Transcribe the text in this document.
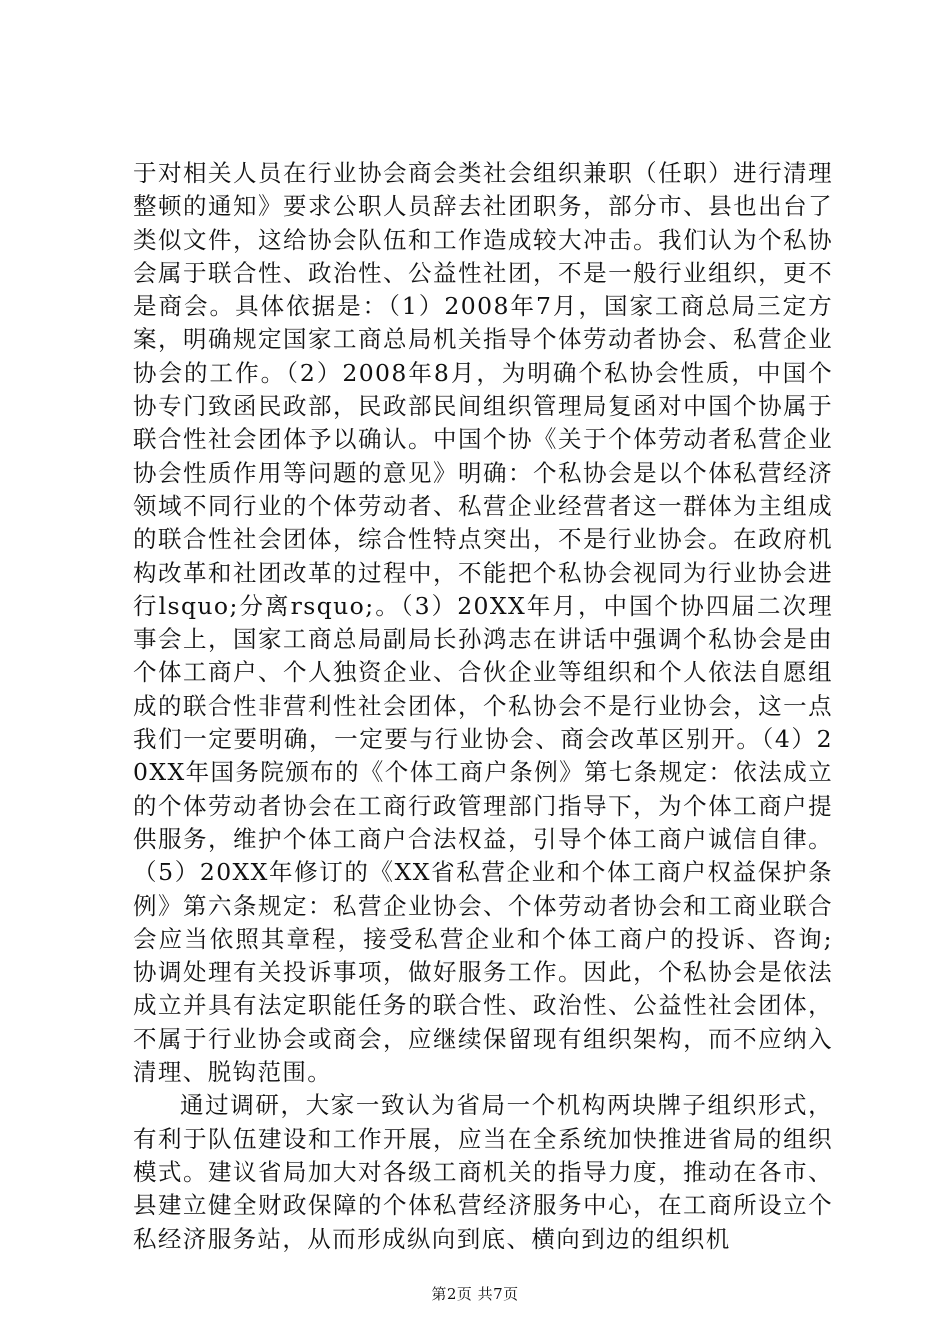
于对相关人员在行业协会商会类社会组织兼职（任职）进行清理整顿的通知》要求公职人员辞去社团职务，部分市、县也出台了类似文件，这给协会队伍和工作造成较大冲击。我们认为个私协会属于联合性、政治性、公益性社团，不是一般行业组织，更不是商会。具体依据是：（1）2008年7月，国家工商总局三定方案，明确规定国家工商总局机关指导个体劳动者协会、私营企业协会的工作。（2）2008年8月，为明确个私协会性质，中国个协专门致函民政部，民政部民间组织管理局复函对中国个协属于联合性社会团体予以确认。中国个协《关于个体劳动者私营企业协会性质作用等问题的意见》明确：个私协会是以个体私营经济领域不同行业的个体劳动者、私营企业经营者这一群体为主组成的联合性社会团体，综合性特点突出，不是行业协会。在政府机构改革和社团改革的过程中，不能把个私协会视同为行业协会进行lsquo;分离rsquo;。（3）20XX年月，中国个协四届二次理事会上，国家工商总局副局长孙鸿志在讲话中强调个私协会是由个体工商户、个人独资企业、合伙企业等组织和个人依法自愿组成的联合性非营利性社会团体，个私协会不是行业协会，这一点我们一定要明确，一定要与行业协会、商会改革区别开。（4）20XX年国务院颁布的《个体工商户条例》第七条规定：依法成立的个体劳动者协会在工商行政管理部门指导下，为个体工商户提供服务，维护个体工商户合法权益，引导个体工商户诚信自律。（5）20XX年修订的《XX省私营企业和个体工商户权益保护条例》第六条规定：私营企业协会、个体劳动者协会和工商业联合会应当依照其章程，接受私营企业和个体工商户的投诉、咨询;协调处理有关投诉事项，做好服务工作。因此，个私协会是依法成立并具有法定职能任务的联合性、政治性、公益性社会团体，不属于行业协会或商会，应继续保留现有组织架构，而不应纳入清理、脱钩范围。

通过调研，大家一致认为省局一个机构两块牌子组织形式，有利于队伍建设和工作开展，应当在全系统加快推进省局的组织模式。建议省局加大对各级工商机关的指导力度，推动在各市、县建立健全财政保障的个体私营经济服务中心，在工商所设立个私经济服务站，从而形成纵向到底、横向到边的组织机

第2页 共7页
